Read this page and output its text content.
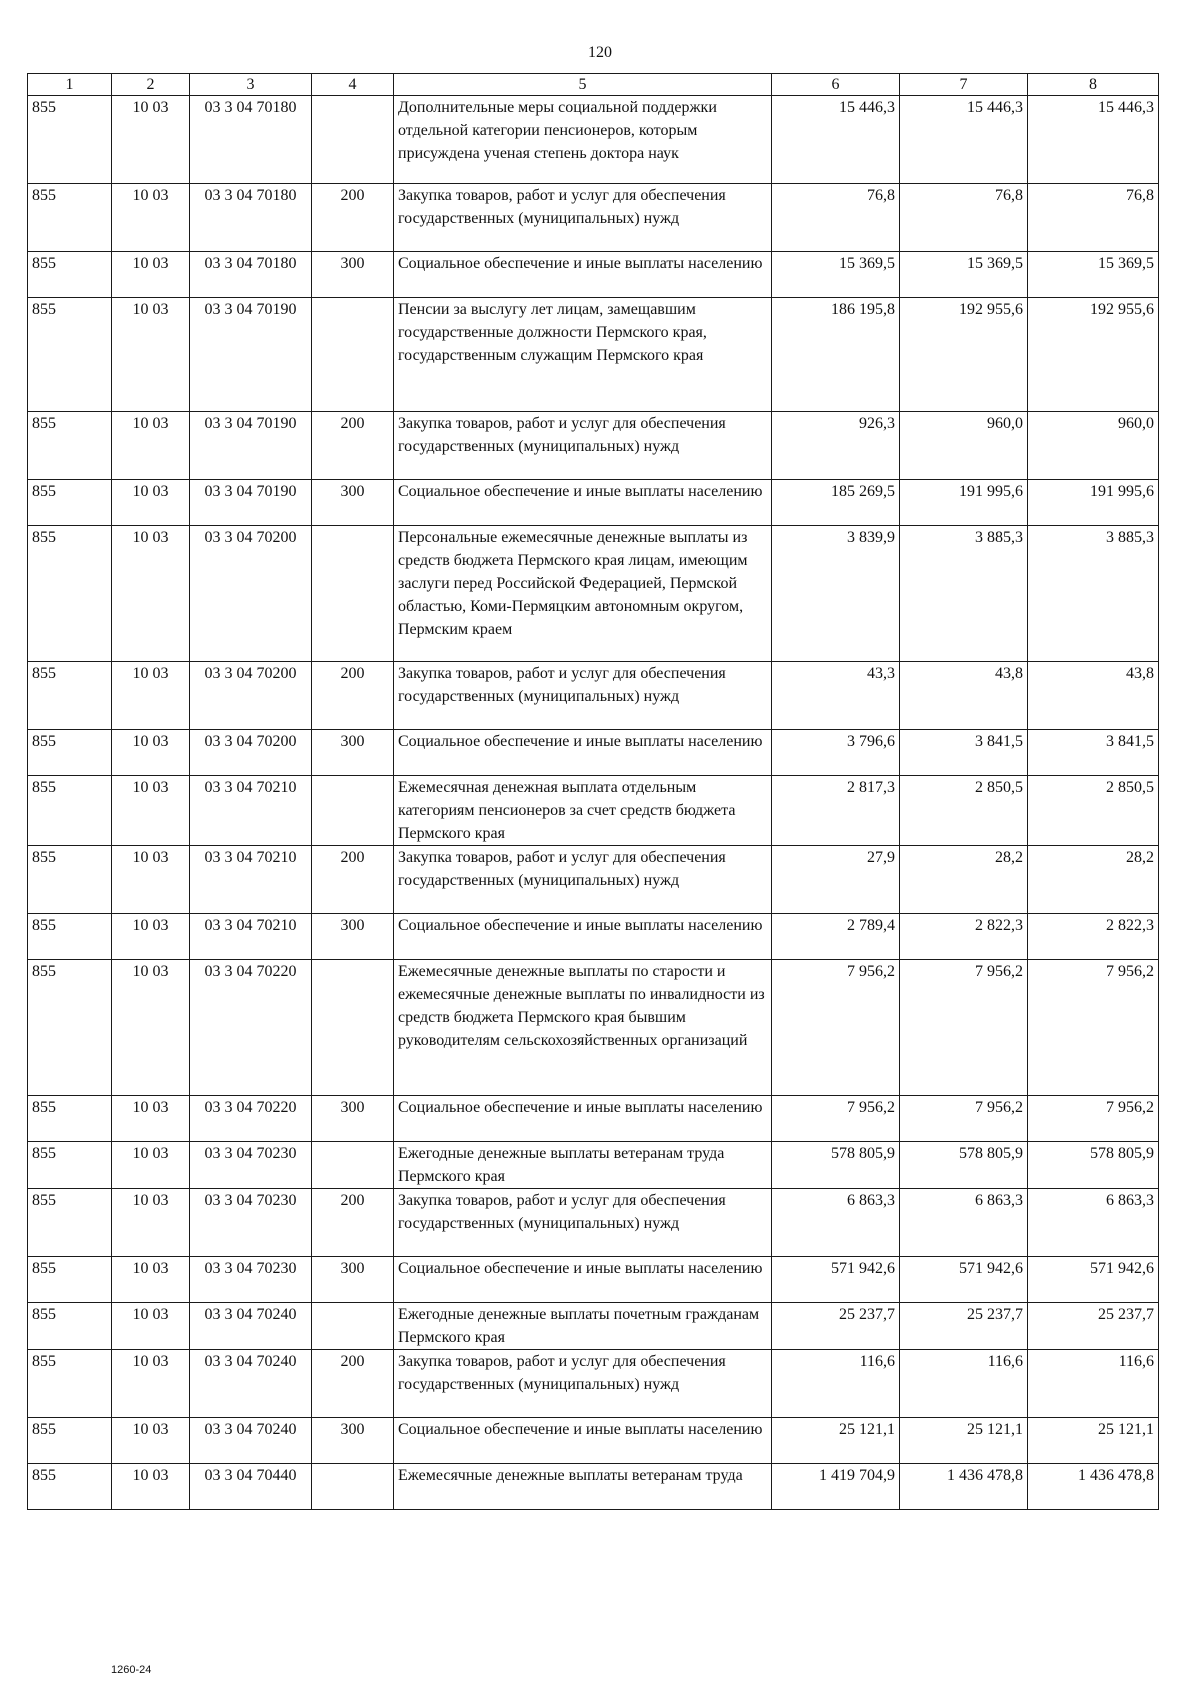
120
1	2	3	4	5	6	7	8
855	10 03	03 3 04 70180		Дополнительные меры социальной поддержки отдельной категории пенсионеров, которым присуждена ученая степень доктора наук	15 446,3	15 446,3	15 446,3
855	10 03	03 3 04 70180	200	Закупка товаров, работ и услуг для обеспечения государственных (муниципальных) нужд	76,8	76,8	76,8
855	10 03	03 3 04 70180	300	Социальное обеспечение и иные выплаты населению	15 369,5	15 369,5	15 369,5
855	10 03	03 3 04 70190		Пенсии за выслугу лет лицам, замещавшим государственные должности Пермского края, государственным служащим Пермского края	186 195,8	192 955,6	192 955,6
855	10 03	03 3 04 70190	200	Закупка товаров, работ и услуг для обеспечения государственных (муниципальных) нужд	926,3	960,0	960,0
855	10 03	03 3 04 70190	300	Социальное обеспечение и иные выплаты населению	185 269,5	191 995,6	191 995,6
855	10 03	03 3 04 70200		Персональные ежемесячные денежные выплаты из средств бюджета Пермского края лицам, имеющим заслуги перед Российской Федерацией, Пермской областью, Коми-Пермяцким автономным округом, Пермским краем	3 839,9	3 885,3	3 885,3
855	10 03	03 3 04 70200	200	Закупка товаров, работ и услуг для обеспечения государственных (муниципальных) нужд	43,3	43,8	43,8
855	10 03	03 3 04 70200	300	Социальное обеспечение и иные выплаты населению	3 796,6	3 841,5	3 841,5
855	10 03	03 3 04 70210		Ежемесячная денежная выплата отдельным категориям пенсионеров за счет средств бюджета Пермского края	2 817,3	2 850,5	2 850,5
855	10 03	03 3 04 70210	200	Закупка товаров, работ и услуг для обеспечения государственных (муниципальных) нужд	27,9	28,2	28,2
855	10 03	03 3 04 70210	300	Социальное обеспечение и иные выплаты населению	2 789,4	2 822,3	2 822,3
855	10 03	03 3 04 70220		Ежемесячные денежные выплаты по старости и ежемесячные денежные выплаты по инвалидности из средств бюджета Пермского края бывшим руководителям сельскохозяйственных организаций	7 956,2	7 956,2	7 956,2
855	10 03	03 3 04 70220	300	Социальное обеспечение и иные выплаты населению	7 956,2	7 956,2	7 956,2
855	10 03	03 3 04 70230		Ежегодные денежные выплаты ветеранам труда Пермского края	578 805,9	578 805,9	578 805,9
855	10 03	03 3 04 70230	200	Закупка товаров, работ и услуг для обеспечения государственных (муниципальных) нужд	6 863,3	6 863,3	6 863,3
855	10 03	03 3 04 70230	300	Социальное обеспечение и иные выплаты населению	571 942,6	571 942,6	571 942,6
855	10 03	03 3 04 70240		Ежегодные денежные выплаты почетным гражданам Пермского края	25 237,7	25 237,7	25 237,7
855	10 03	03 3 04 70240	200	Закупка товаров, работ и услуг для обеспечения государственных (муниципальных) нужд	116,6	116,6	116,6
855	10 03	03 3 04 70240	300	Социальное обеспечение и иные выплаты населению	25 121,1	25 121,1	25 121,1
855	10 03	03 3 04 70440		Ежемесячные денежные выплаты ветеранам труда	1 419 704,9	1 436 478,8	1 436 478,8
1260-24
